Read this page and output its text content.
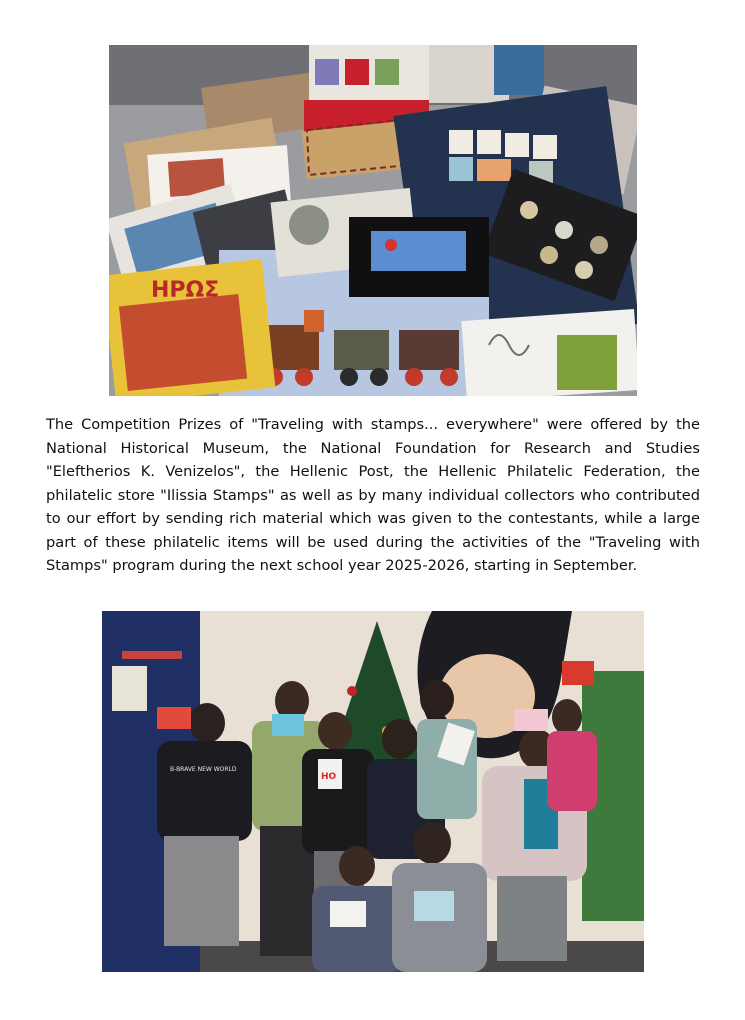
ΗΡΩΣ

The Competition Prizes of "Traveling with stamps... everywhere" were offered by the National Historical Museum, the National Foundation for Research and Studies "Eleftherios K. Venizelos", the Hellenic Post, the Hellenic Philatelic Federation, the philatelic store "Ilissia Stamps" as well as by many individual collectors who contributed to our effort by sending rich material which was given to the contestants, while a large part of these philatelic items will be used during the activities of the "Traveling with Stamps" program during the next school year 2025-2026, starting in September.

B-BRAVE NEW WORLD
ΗΟ
